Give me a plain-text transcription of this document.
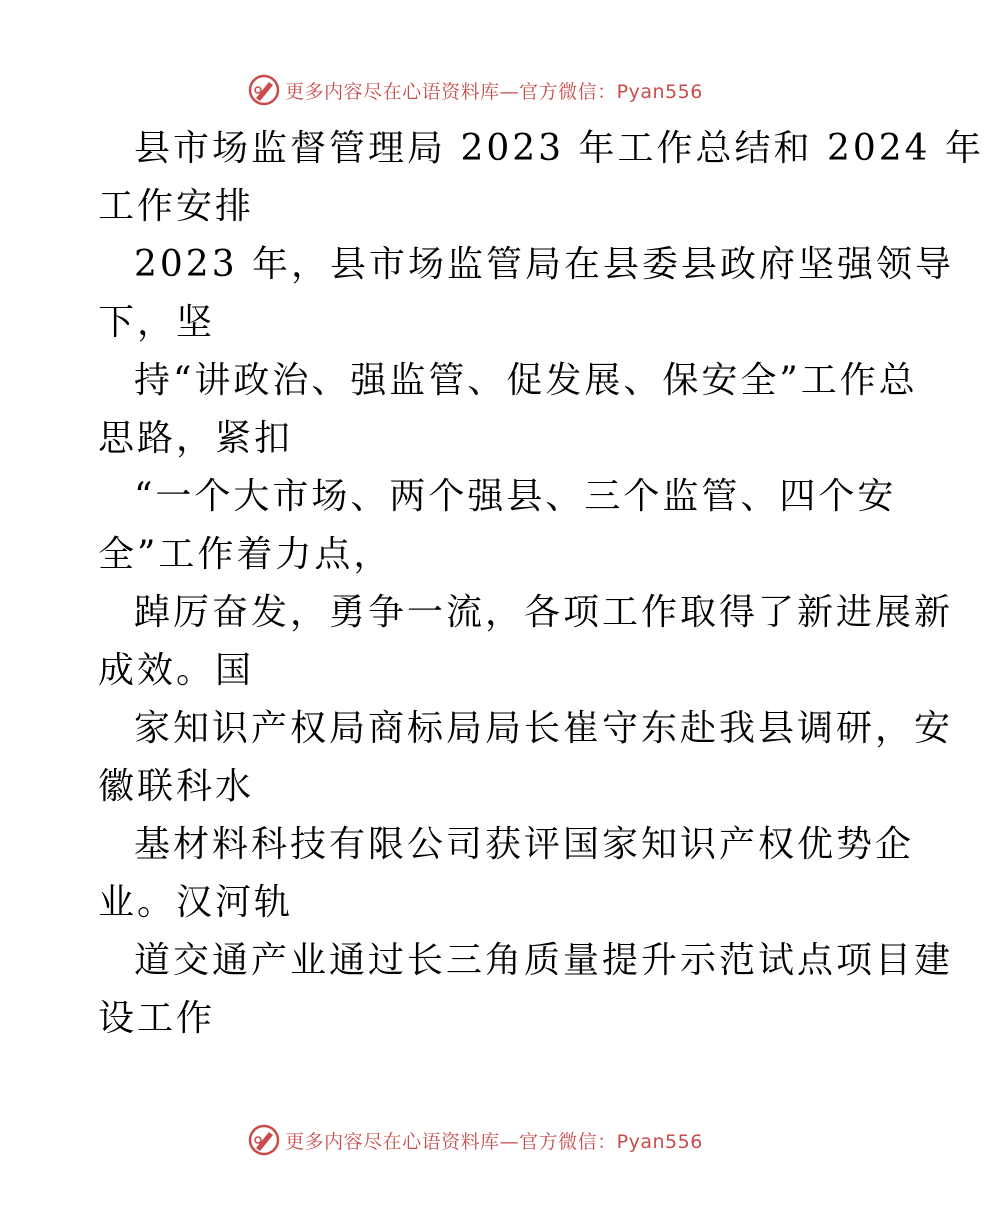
更多内容尽在心语资料库—官方微信：Pyan556
县市场监督管理局 2023 年工作总结和 2024 年
工作安排
2023 年，县市场监管局在县委县政府坚强领导
下，坚
持“讲政治、强监管、促发展、保安全”工作总
思路，紧扣
“一个大市场、两个强县、三个监管、四个安
全”工作着力点，
踔厉奋发，勇争一流，各项工作取得了新进展新
成效。国
家知识产权局商标局局长崔守东赴我县调研，安
徽联科水
基材料科技有限公司获评国家知识产权优势企
业。汉河轨
道交通产业通过长三角质量提升示范试点项目建
设工作
更多内容尽在心语资料库—官方微信：Pyan556
